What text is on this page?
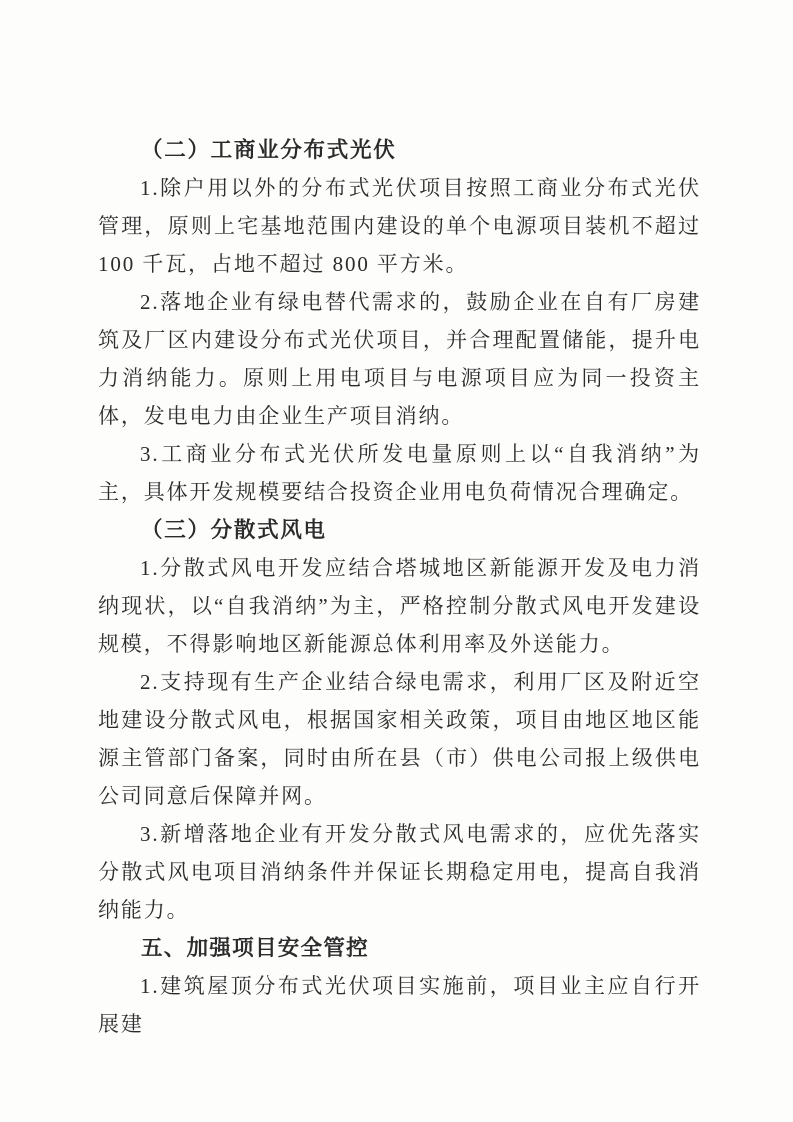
（二）工商业分布式光伏

1.除户用以外的分布式光伏项目按照工商业分布式光伏管理，原则上宅基地范围内建设的单个电源项目装机不超过 100 千瓦，占地不超过 800 平方米。

2.落地企业有绿电替代需求的，鼓励企业在自有厂房建筑及厂区内建设分布式光伏项目，并合理配置储能，提升电力消纳能力。原则上用电项目与电源项目应为同一投资主体，发电电力由企业生产项目消纳。

3.工商业分布式光伏所发电量原则上以“自我消纳”为主，具体开发规模要结合投资企业用电负荷情况合理确定。

（三）分散式风电

1.分散式风电开发应结合塔城地区新能源开发及电力消纳现状，以“自我消纳”为主，严格控制分散式风电开发建设规模，不得影响地区新能源总体利用率及外送能力。

2.支持现有生产企业结合绿电需求，利用厂区及附近空地建设分散式风电，根据国家相关政策，项目由地区地区能源主管部门备案，同时由所在县（市）供电公司报上级供电公司同意后保障并网。

3.新增落地企业有开发分散式风电需求的，应优先落实分散式风电项目消纳条件并保证长期稳定用电，提高自我消纳能力。

五、加强项目安全管控

1.建筑屋顶分布式光伏项目实施前，项目业主应自行开展建
